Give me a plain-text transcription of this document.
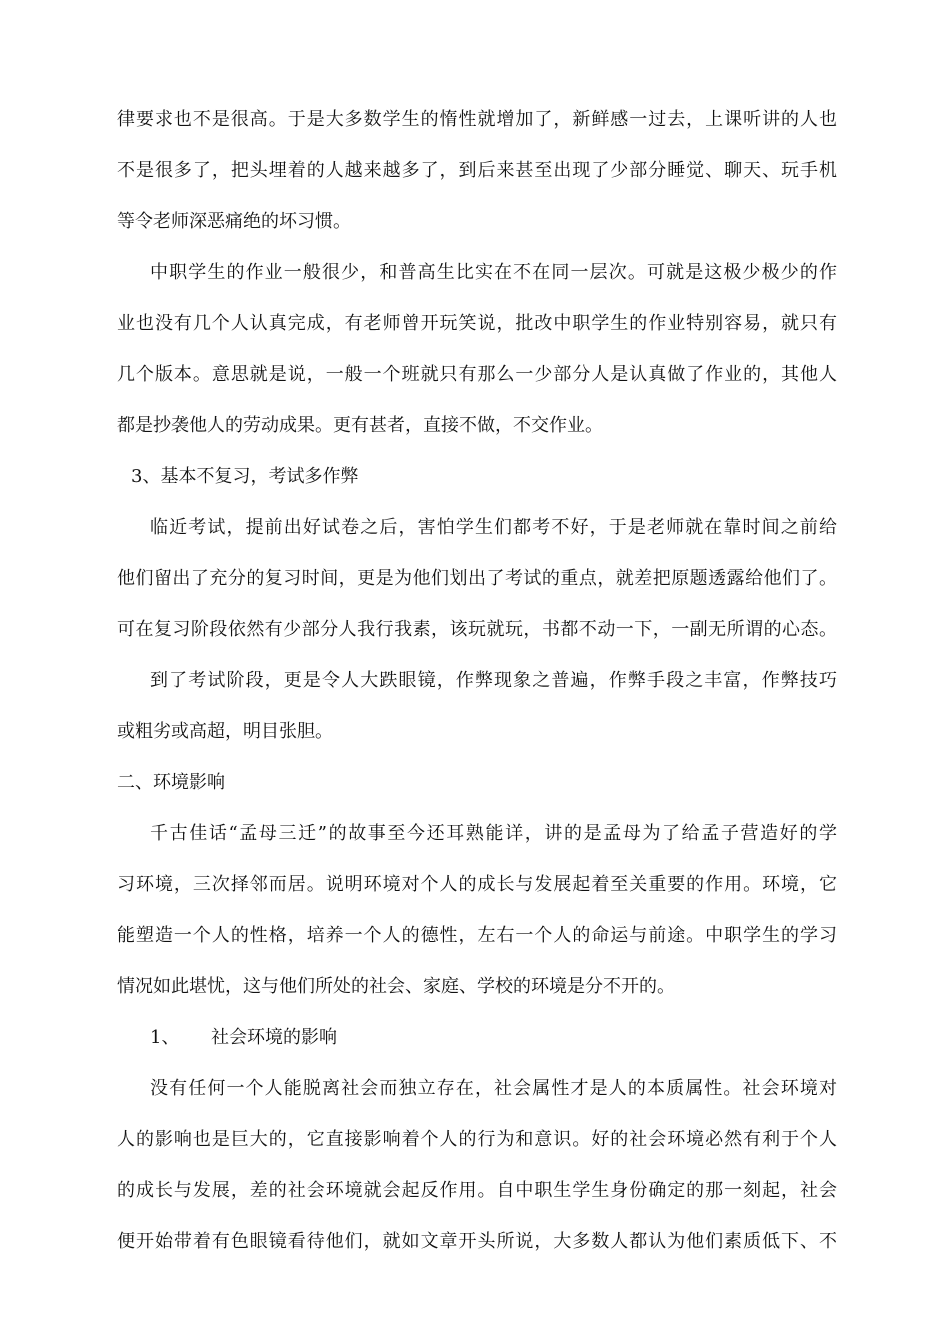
律要求也不是很高。于是大多数学生的惰性就增加了，新鲜感一过去，上课听讲的人也
不是很多了，把头埋着的人越来越多了，到后来甚至出现了少部分睡觉、聊天、玩手机
等令老师深恶痛绝的坏习惯。
中职学生的作业一般很少，和普高生比实在不在同一层次。可就是这极少极少的作
业也没有几个人认真完成，有老师曾开玩笑说，批改中职学生的作业特别容易，就只有
几个版本。意思就是说，一般一个班就只有那么一少部分人是认真做了作业的，其他人
都是抄袭他人的劳动成果。更有甚者，直接不做，不交作业。
3、基本不复习，考试多作弊
临近考试，提前出好试卷之后，害怕学生们都考不好，于是老师就在靠时间之前给
他们留出了充分的复习时间，更是为他们划出了考试的重点，就差把原题透露给他们了。
可在复习阶段依然有少部分人我行我素，该玩就玩，书都不动一下，一副无所谓的心态。
到了考试阶段，更是令人大跌眼镜，作弊现象之普遍，作弊手段之丰富，作弊技巧
或粗劣或高超，明目张胆。
二、环境影响
千古佳话“孟母三迁”的故事至今还耳熟能详，讲的是孟母为了给孟子营造好的学
习环境，三次择邻而居。说明环境对个人的成长与发展起着至关重要的作用。环境，它
能塑造一个人的性格，培养一个人的德性，左右一个人的命运与前途。中职学生的学习
情况如此堪忧，这与他们所处的社会、家庭、学校的环境是分不开的。
1、	社会环境的影响
没有任何一个人能脱离社会而独立存在，社会属性才是人的本质属性。社会环境对
人的影响也是巨大的，它直接影响着个人的行为和意识。好的社会环境必然有利于个人
的成长与发展，差的社会环境就会起反作用。自中职生学生身份确定的那一刻起，社会
便开始带着有色眼镜看待他们，就如文章开头所说，大多数人都认为他们素质低下、不
